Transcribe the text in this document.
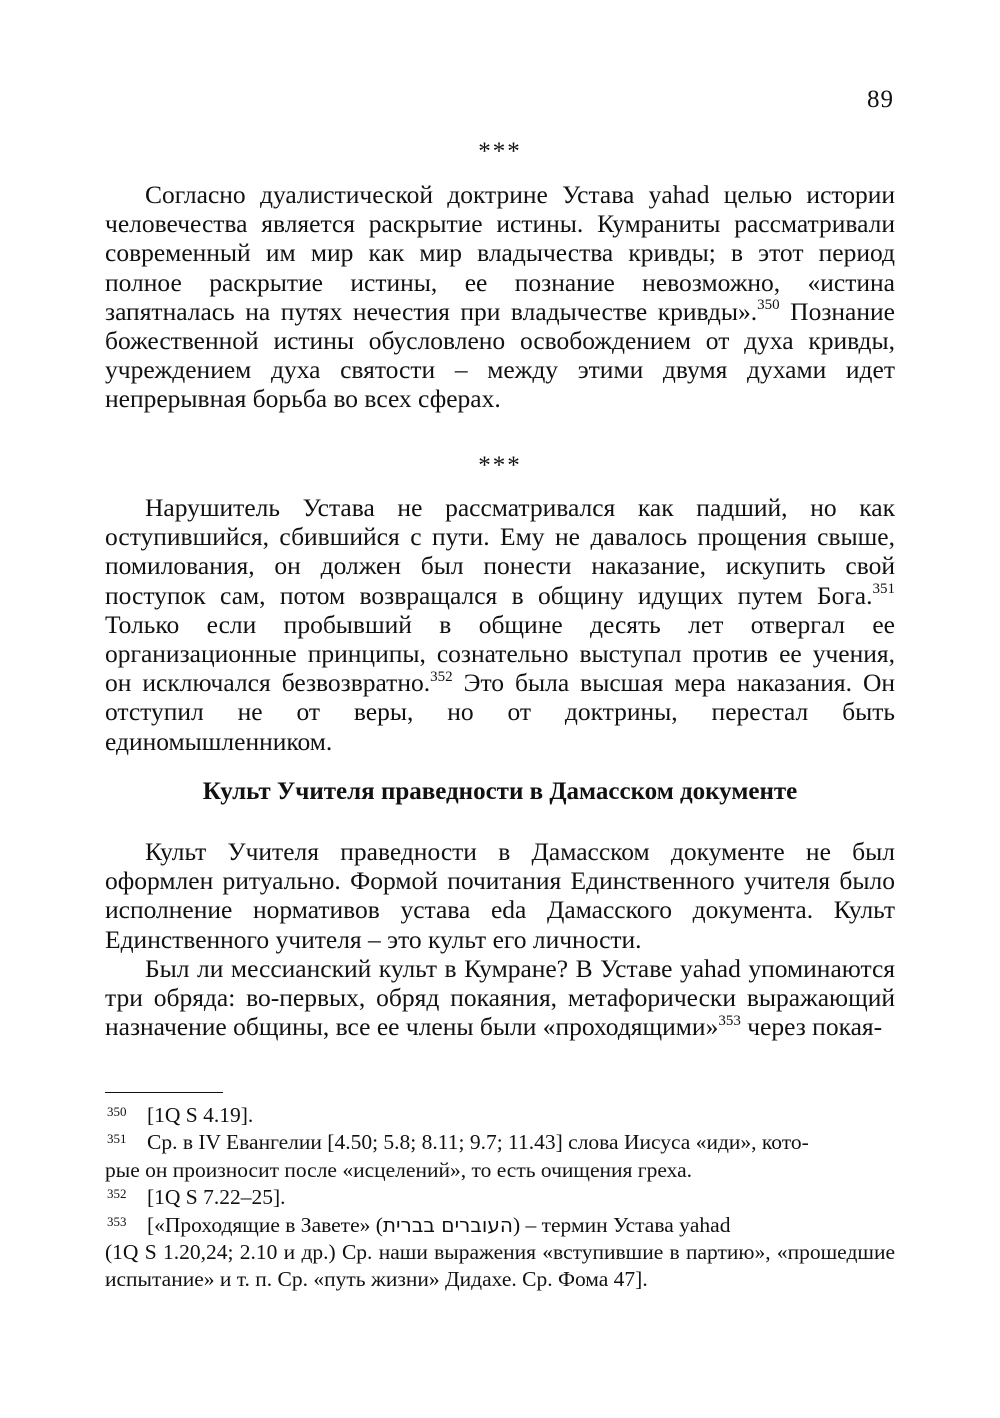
89
***

Согласно дуалистической доктрине Устава yahad целью истории человечества является раскрытие истины. Кумраниты рассматривали современный им мир как мир владычества кривды; в этот период полное раскрытие истины, ее познание невозможно, «истина запятналась на путях нечестия при владычестве кривды».$^{350}$ Познание божественной истины обусловлено освобождением от духа кривды, учреждением духа святости – между этими двумя духами идет непрерывная борьба во всех сферах.

***

Нарушитель Устава не рассматривался как падший, но как оступившийся, сбившийся с пути. Ему не давалось прощения свыше, помилования, он должен был понести наказание, искупить свой поступок сам, потом возвращался в общину идущих путем Бога.$^{351}$ Только если пробывший в общине десять лет отвергал ее организационные принципы, сознательно выступал против ее учения, он исключался безвозвратно.$^{352}$ Это была высшая мера наказания. Он отступил не от веры, но от доктрины, перестал быть единомышленником.

Культ Учителя праведности в Дамасском документе

Культ Учителя праведности в Дамасском документе не был оформлен ритуально. Формой почитания Единственного учителя было исполнение нормативов устава eda Дамасского документа. Культ Единственного учителя – это культ его личности.

Был ли мессианский культ в Кумране? В Уставе yahad упоминаются три обряда: во-первых, обряд покаяния, метафорически выражающий назначение общины, все ее члены были «проходящими»$^{353}$ через покая-

350 [1Q S 4.19].
351 Ср. в IV Евангелии [4.50; 5.8; 8.11; 9.7; 11.43] слова Иисуса «иди», кото-
рые он произносит после «исцелений», то есть очищения греха.
352 [1Q S 7.22–25].
353 [«Проходящие в Завете» (העוברים בברית) – термин Устава yahad
(1Q S 1.20,24; 2.10 и др.) Ср. наши выражения «вступившие в партию», «прошедшие испытание» и т. п. Ср. «путь жизни» Дидахе. Ср. Фома 47].
